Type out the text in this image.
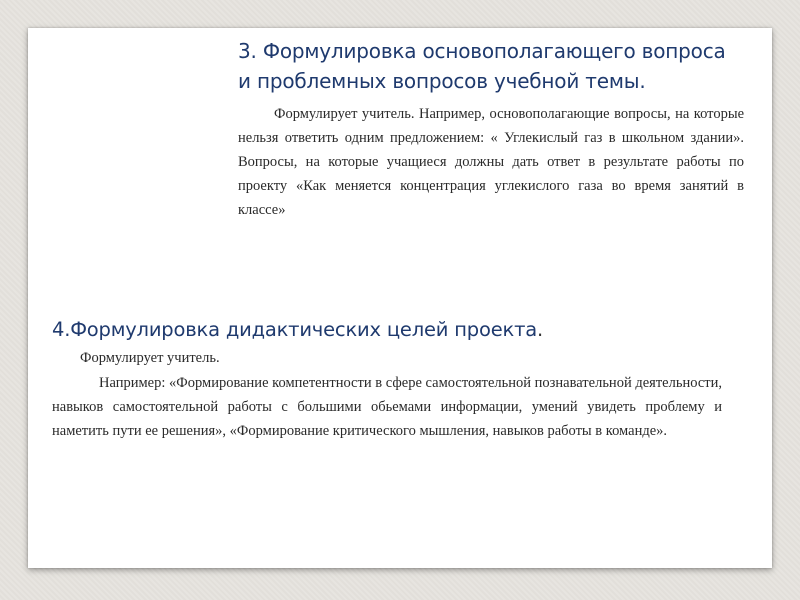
3. Формулировка основополагающего вопроса и проблемных вопросов учебной темы.

Формулирует учитель. Например, основополагающие вопросы, на которые нельзя ответить одним предложением: « Углекислый газ в школьном здании». Вопросы, на которые учащиеся должны дать ответ в результате работы по проекту «Как меняется концентрация углекислого газа во время занятий в классе»

4.Формулировка дидактических целей проекта.

Формулирует учитель.

Например: «Формирование компетентности в сфере самостоятельной познавательной деятельности, навыков самостоятельной работы с большими обьемами информации, умений увидеть проблему и наметить пути ее решения», «Формирование критического мышления, навыков работы в команде».
